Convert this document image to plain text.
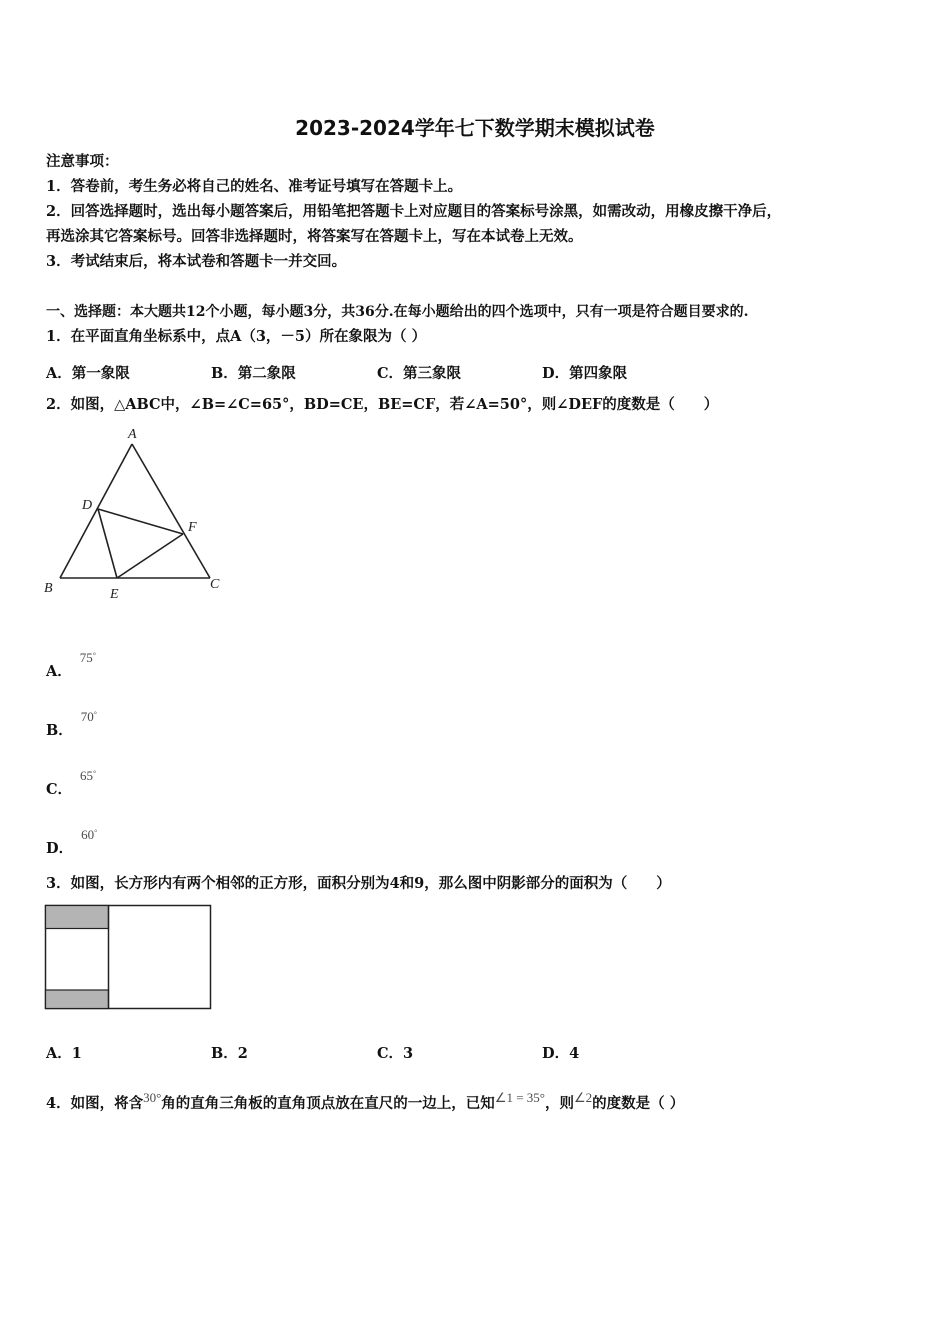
2023-2024学年七下数学期末模拟试卷
注意事项：
1．答卷前，考生务必将自己的姓名、准考证号填写在答题卡上。
2．回答选择题时，选出每小题答案后，用铅笔把答题卡上对应题目的答案标号涂黑，如需改动，用橡皮擦干净后，
再选涂其它答案标号。回答非选择题时，将答案写在答题卡上，写在本试卷上无效。
3．考试结束后，将本试卷和答题卡一并交回。
一、选择题：本大题共12个小题，每小题3分，共36分.在每小题给出的四个选项中，只有一项是符合题目要求的.
1．在平面直角坐标系中，点A（3，－5）所在象限为（ ）
A．第一象限	B．第二象限	C．第三象限	D．第四象限
2．如图，△ABC中，∠B=∠C=65°，BD=CE，BE=CF，若∠A=50°，则∠DEF的度数是（　　）
A
D
F
B	E
C
A．75°
B．70°
C．65°
D．60°
3．如图，长方形内有两个相邻的正方形，面积分别为4和9，那么图中阴影部分的面积为（　　）
A．1	B．2	C．3	D．4
4．如图，将含30°角的直角三角板的直角顶点放在直尺的一边上，已知∠1 = 35°，则∠2的度数是（ ）
